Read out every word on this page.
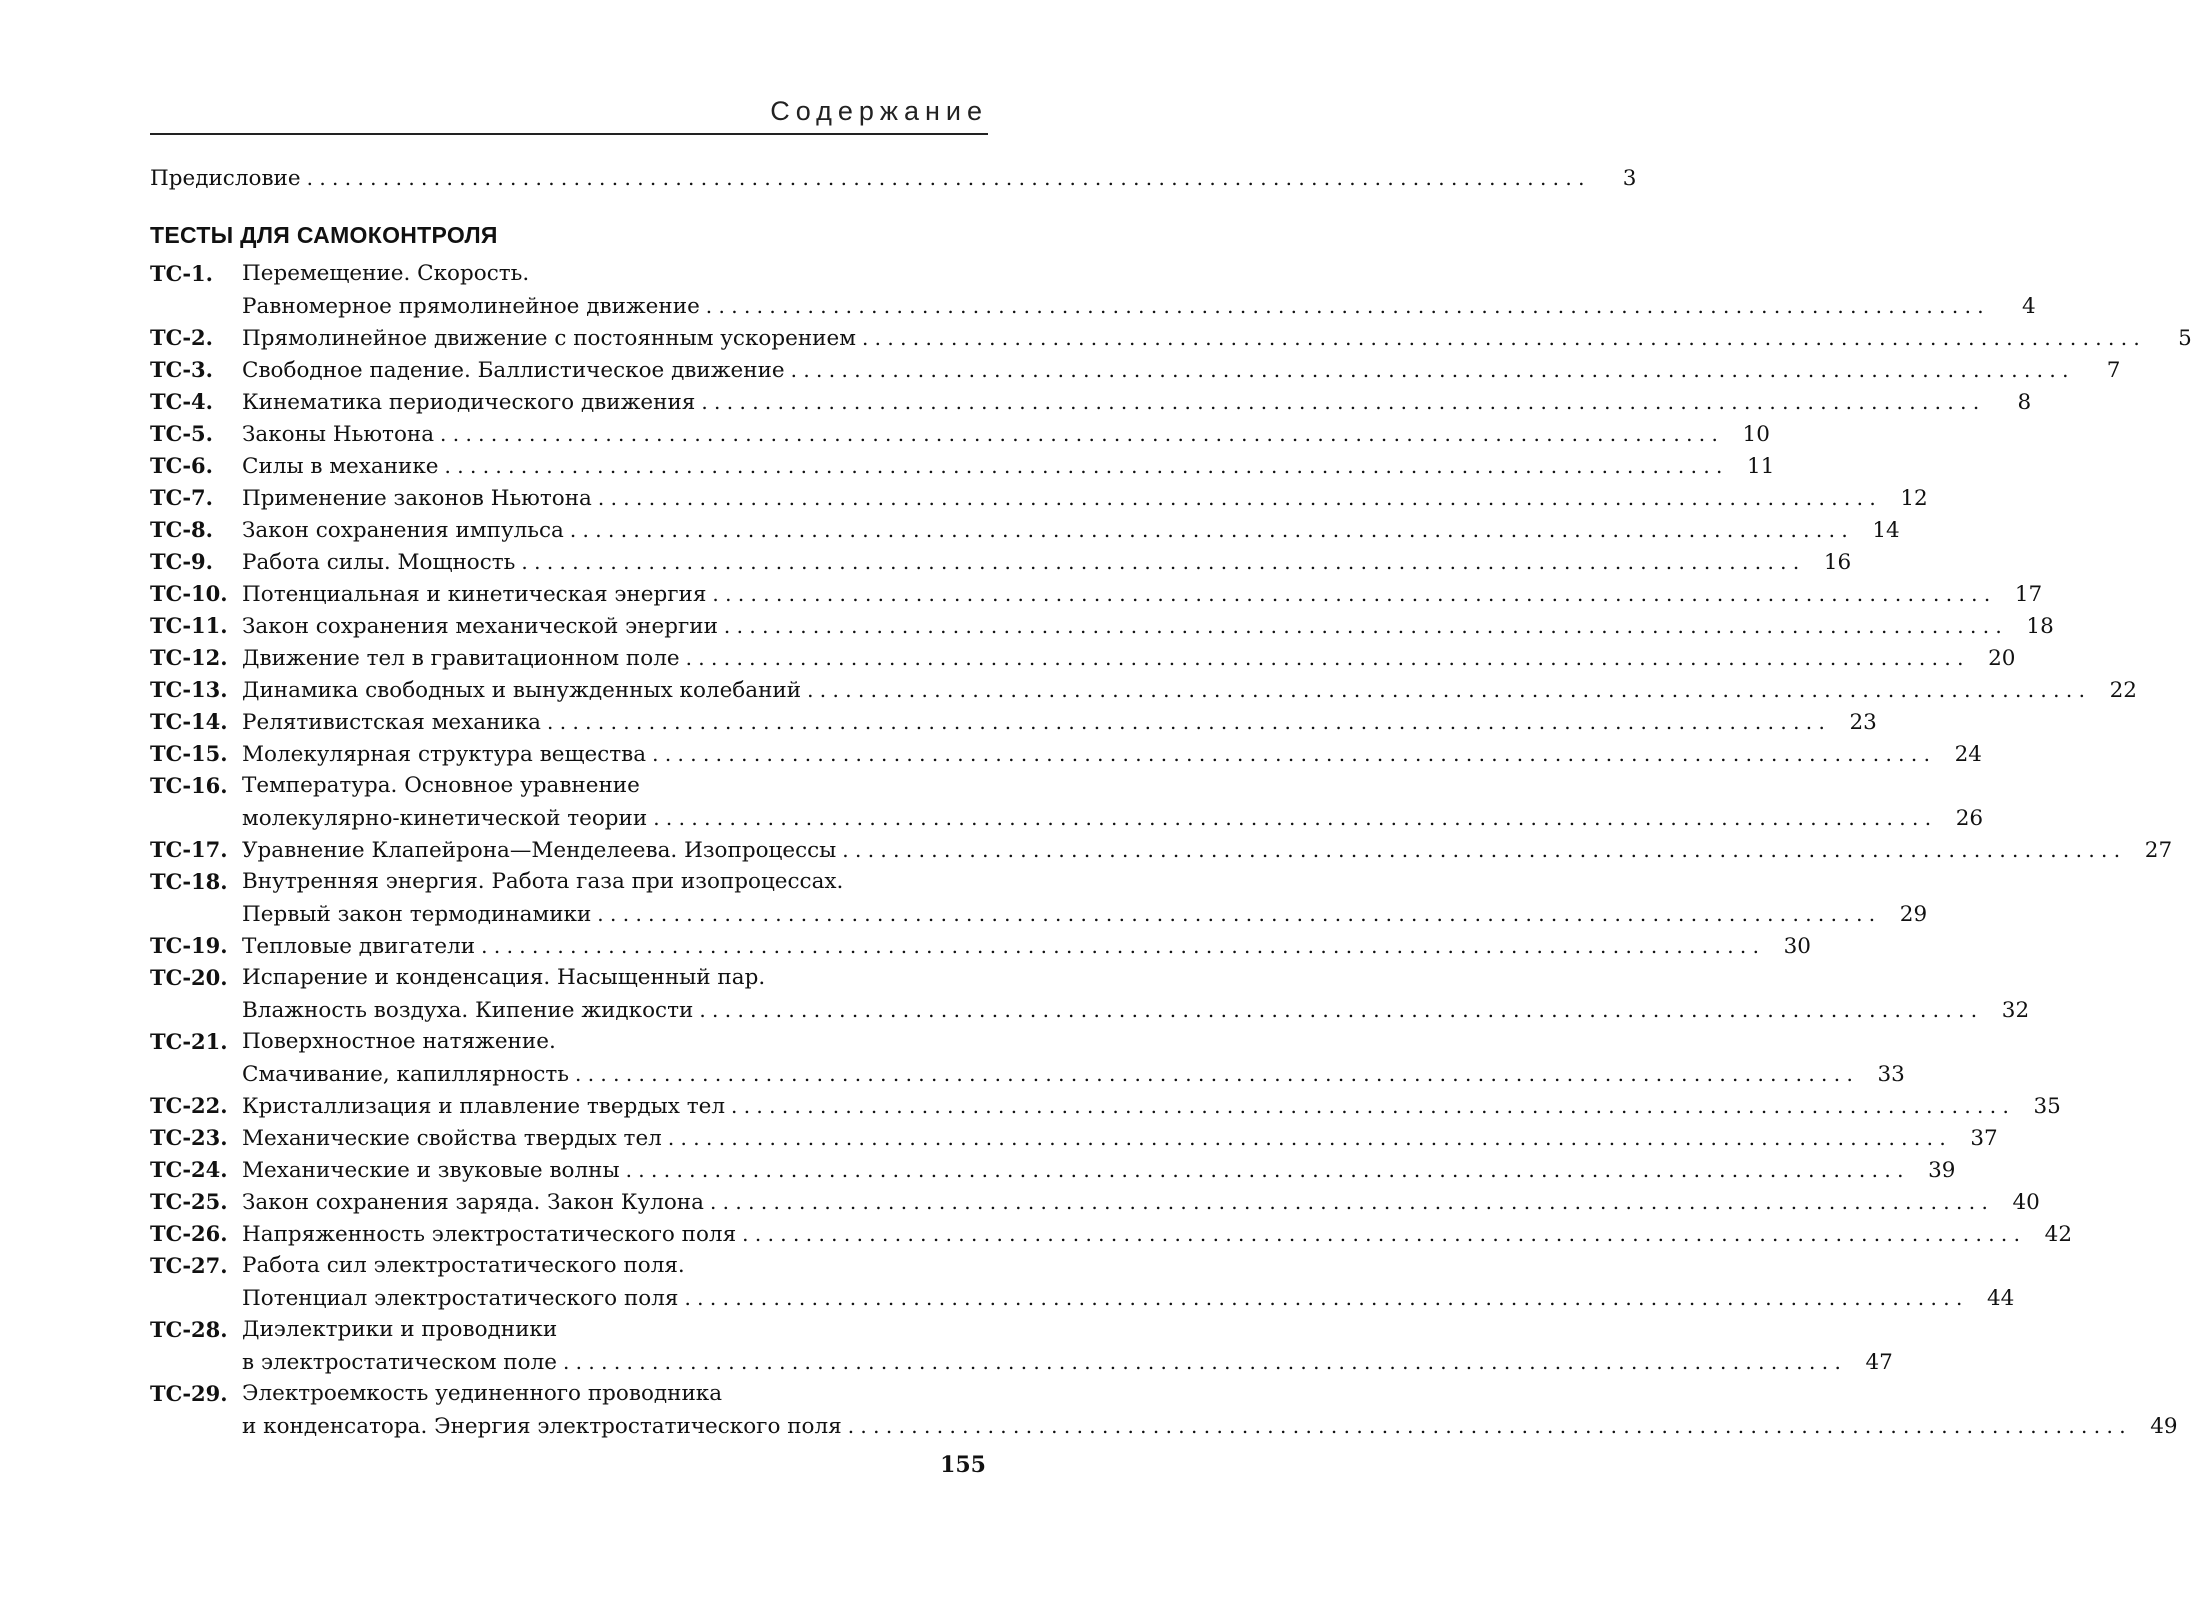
Содержание
Предисловие . . .	3
ТЕСТЫ ДЛЯ САМОКОНТРОЛЯ
ТС-1.	Перемещение. Скорость.
Равномерное прямолинейное движение . . .	4
ТС-2.	Прямолинейное движение с постоянным ускорением . . .	5
ТС-3.	Свободное падение. Баллистическое движение . . .	7
ТС-4.	Кинематика периодического движения . . .	8
ТС-5.	Законы Ньютона . . .	10
ТС-6.	Силы в механике . . .	11
ТС-7.	Применение законов Ньютона . . .	12
ТС-8.	Закон сохранения импульса . . .	14
ТС-9.	Работа силы. Мощность . . .	16
ТС-10. Потенциальная и кинетическая энергия . . .	17
ТС-11. Закон сохранения механической энергии . . .	18
ТС-12. Движение тел в гравитационном поле . . .	20
ТС-13. Динамика свободных и вынужденных колебаний . . .	22
ТС-14. Релятивистская механика . . .	23
ТС-15. Молекулярная структура вещества . . .	24
ТС-16. Температура. Основное уравнение
молекулярно-кинетической теории . . .	26
ТС-17. Уравнение Клапейрона—Менделеева. Изопроцессы . . .	27
ТС-18. Внутренняя энергия. Работа газа при изопроцессах.
Первый закон термодинамики . . .	29
ТС-19. Тепловые двигатели . . .	30
ТС-20. Испарение и конденсация. Насыщенный пар.
Влажность воздуха. Кипение жидкости . . .	32
ТС-21. Поверхностное натяжение.
Смачивание, капиллярность . . .	33
ТС-22. Кристаллизация и плавление твердых тел . . .	35
ТС-23. Механические свойства твердых тел . . .	37
ТС-24. Механические и звуковые волны . . .	39
ТС-25. Закон сохранения заряда. Закон Кулона . . .	40
ТС-26. Напряженность электростатического поля . . .	42
ТС-27. Работа сил электростатического поля.
Потенциал электростатического поля . . .	44
ТС-28. Диэлектрики и проводники
в электростатическом поле . . .	47
ТС-29. Электроемкость уединенного проводника
и конденсатора. Энергия электростатического поля . . .	49
155
